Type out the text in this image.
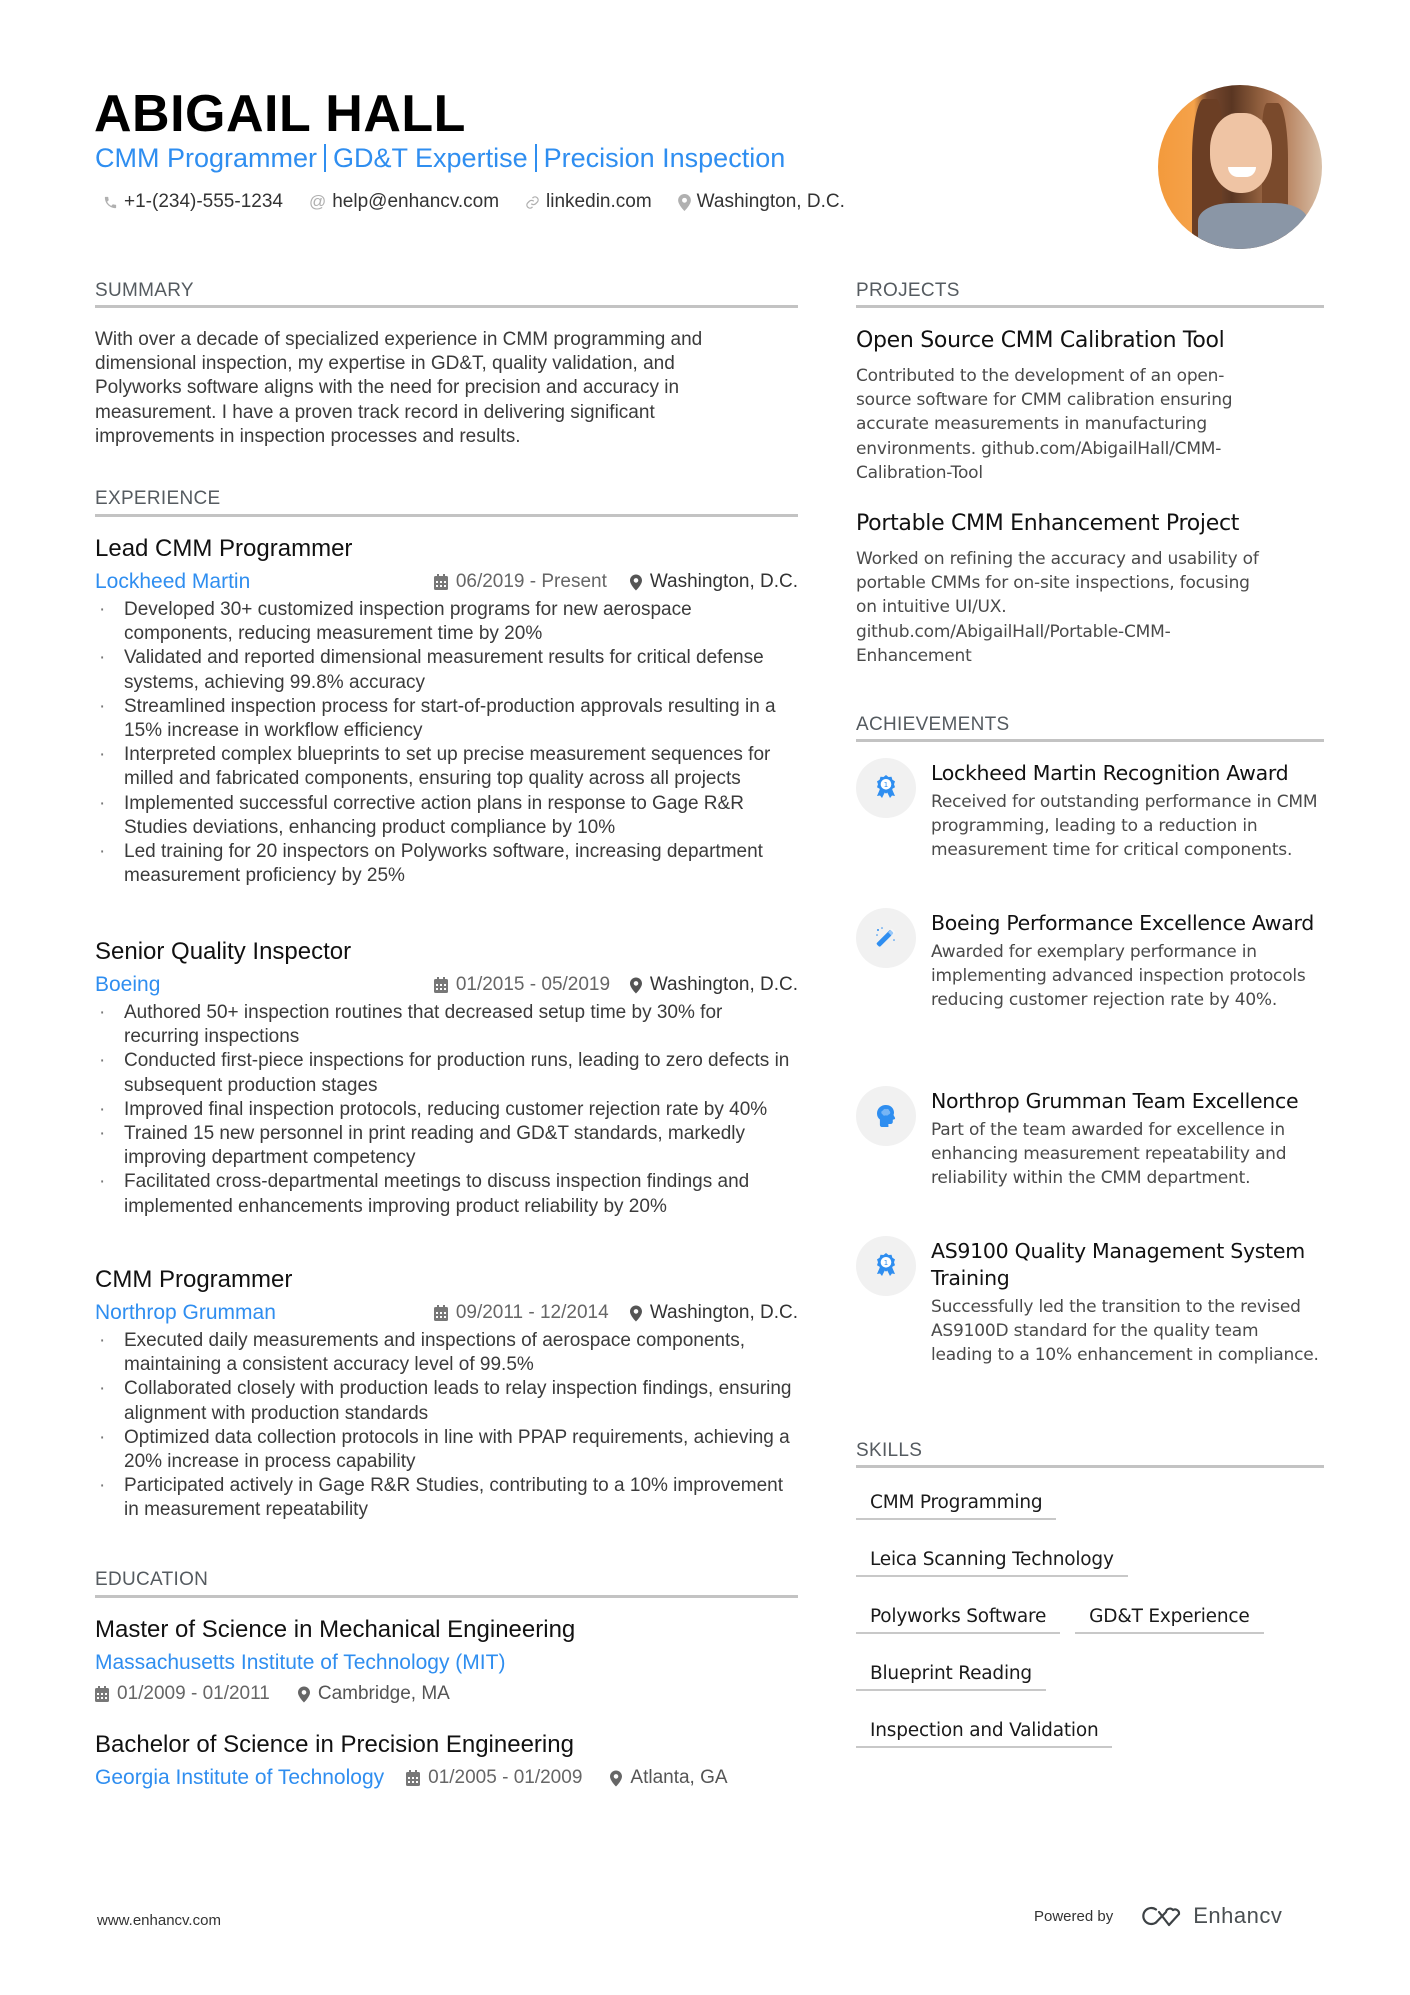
ABIGAIL HALL
CMM Programmer GD&T Expertise Precision Inspection
+1-(234)-555-1234 @ help@enhancv.com linkedin.com Washington, D.C.
SUMMARY
With over a decade of specialized experience in CMM programming and
dimensional inspection, my expertise in GD&T, quality validation, and
Polyworks software aligns with the need for precision and accuracy in
measurement. I have a proven track record in delivering significant
improvements in inspection processes and results.
EXPERIENCE
Lead CMM Programmer
Lockheed Martin	06/2019 - Present Washington, D.C.
· Developed 30+ customized inspection programs for new aerospace components, reducing measurement time by 20%
· Validated and reported dimensional measurement results for critical defense systems, achieving 99.8% accuracy
· Streamlined inspection process for start-of-production approvals resulting in a 15% increase in workflow efficiency
· Interpreted complex blueprints to set up precise measurement sequences for milled and fabricated components, ensuring top quality across all projects
· Implemented successful corrective action plans in response to Gage R&R Studies deviations, enhancing product compliance by 10%
· Led training for 20 inspectors on Polyworks software, increasing department measurement proficiency by 25%
Senior Quality Inspector
Boeing	01/2015 - 05/2019 Washington, D.C.
· Authored 50+ inspection routines that decreased setup time by 30% for recurring inspections
· Conducted first-piece inspections for production runs, leading to zero defects in subsequent production stages
· Improved final inspection protocols, reducing customer rejection rate by 40%
· Trained 15 new personnel in print reading and GD&T standards, markedly improving department competency
· Facilitated cross-departmental meetings to discuss inspection findings and implemented enhancements improving product reliability by 20%
CMM Programmer
Northrop Grumman	09/2011 - 12/2014 Washington, D.C.
· Executed daily measurements and inspections of aerospace components, maintaining a consistent accuracy level of 99.5%
· Collaborated closely with production leads to relay inspection findings, ensuring alignment with production standards
· Optimized data collection protocols in line with PPAP requirements, achieving a 20% increase in process capability
· Participated actively in Gage R&R Studies, contributing to a 10% improvement in measurement repeatability
EDUCATION
Master of Science in Mechanical Engineering
Massachusetts Institute of Technology (MIT)
01/2009 - 01/2011	Cambridge, MA
Bachelor of Science in Precision Engineering
Georgia Institute of Technology 01/2005 - 01/2009	Atlanta, GA
PROJECTS
Open Source CMM Calibration Tool
Contributed to the development of an open-
source software for CMM calibration ensuring
accurate measurements in manufacturing
environments. github.com/AbigailHall/CMM-
Calibration-Tool
Portable CMM Enhancement Project
Worked on refining the accuracy and usability of
portable CMMs for on-site inspections, focusing
on intuitive UI/UX.
github.com/AbigailHall/Portable-CMM-
Enhancement
ACHIEVEMENTS
1 Lockheed Martin Recognition Award
Received for outstanding performance in CMM programming, leading to a reduction in measurement time for critical components.
Boeing Performance Excellence Award
Awarded for exemplary performance in implementing advanced inspection protocols reducing customer rejection rate by 40%.
Northrop Grumman Team Excellence
Part of the team awarded for excellence in enhancing measurement repeatability and reliability within the CMM department.
1 AS9100 Quality Management System Training
Successfully led the transition to the revised AS9100D standard for the quality team leading to a 10% enhancement in compliance.
SKILLS
CMM Programming
Leica Scanning Technology
Polyworks Software	GD&T Experience
Blueprint Reading
Inspection and Validation
www.enhancv.com	Powered by	Enhancv
